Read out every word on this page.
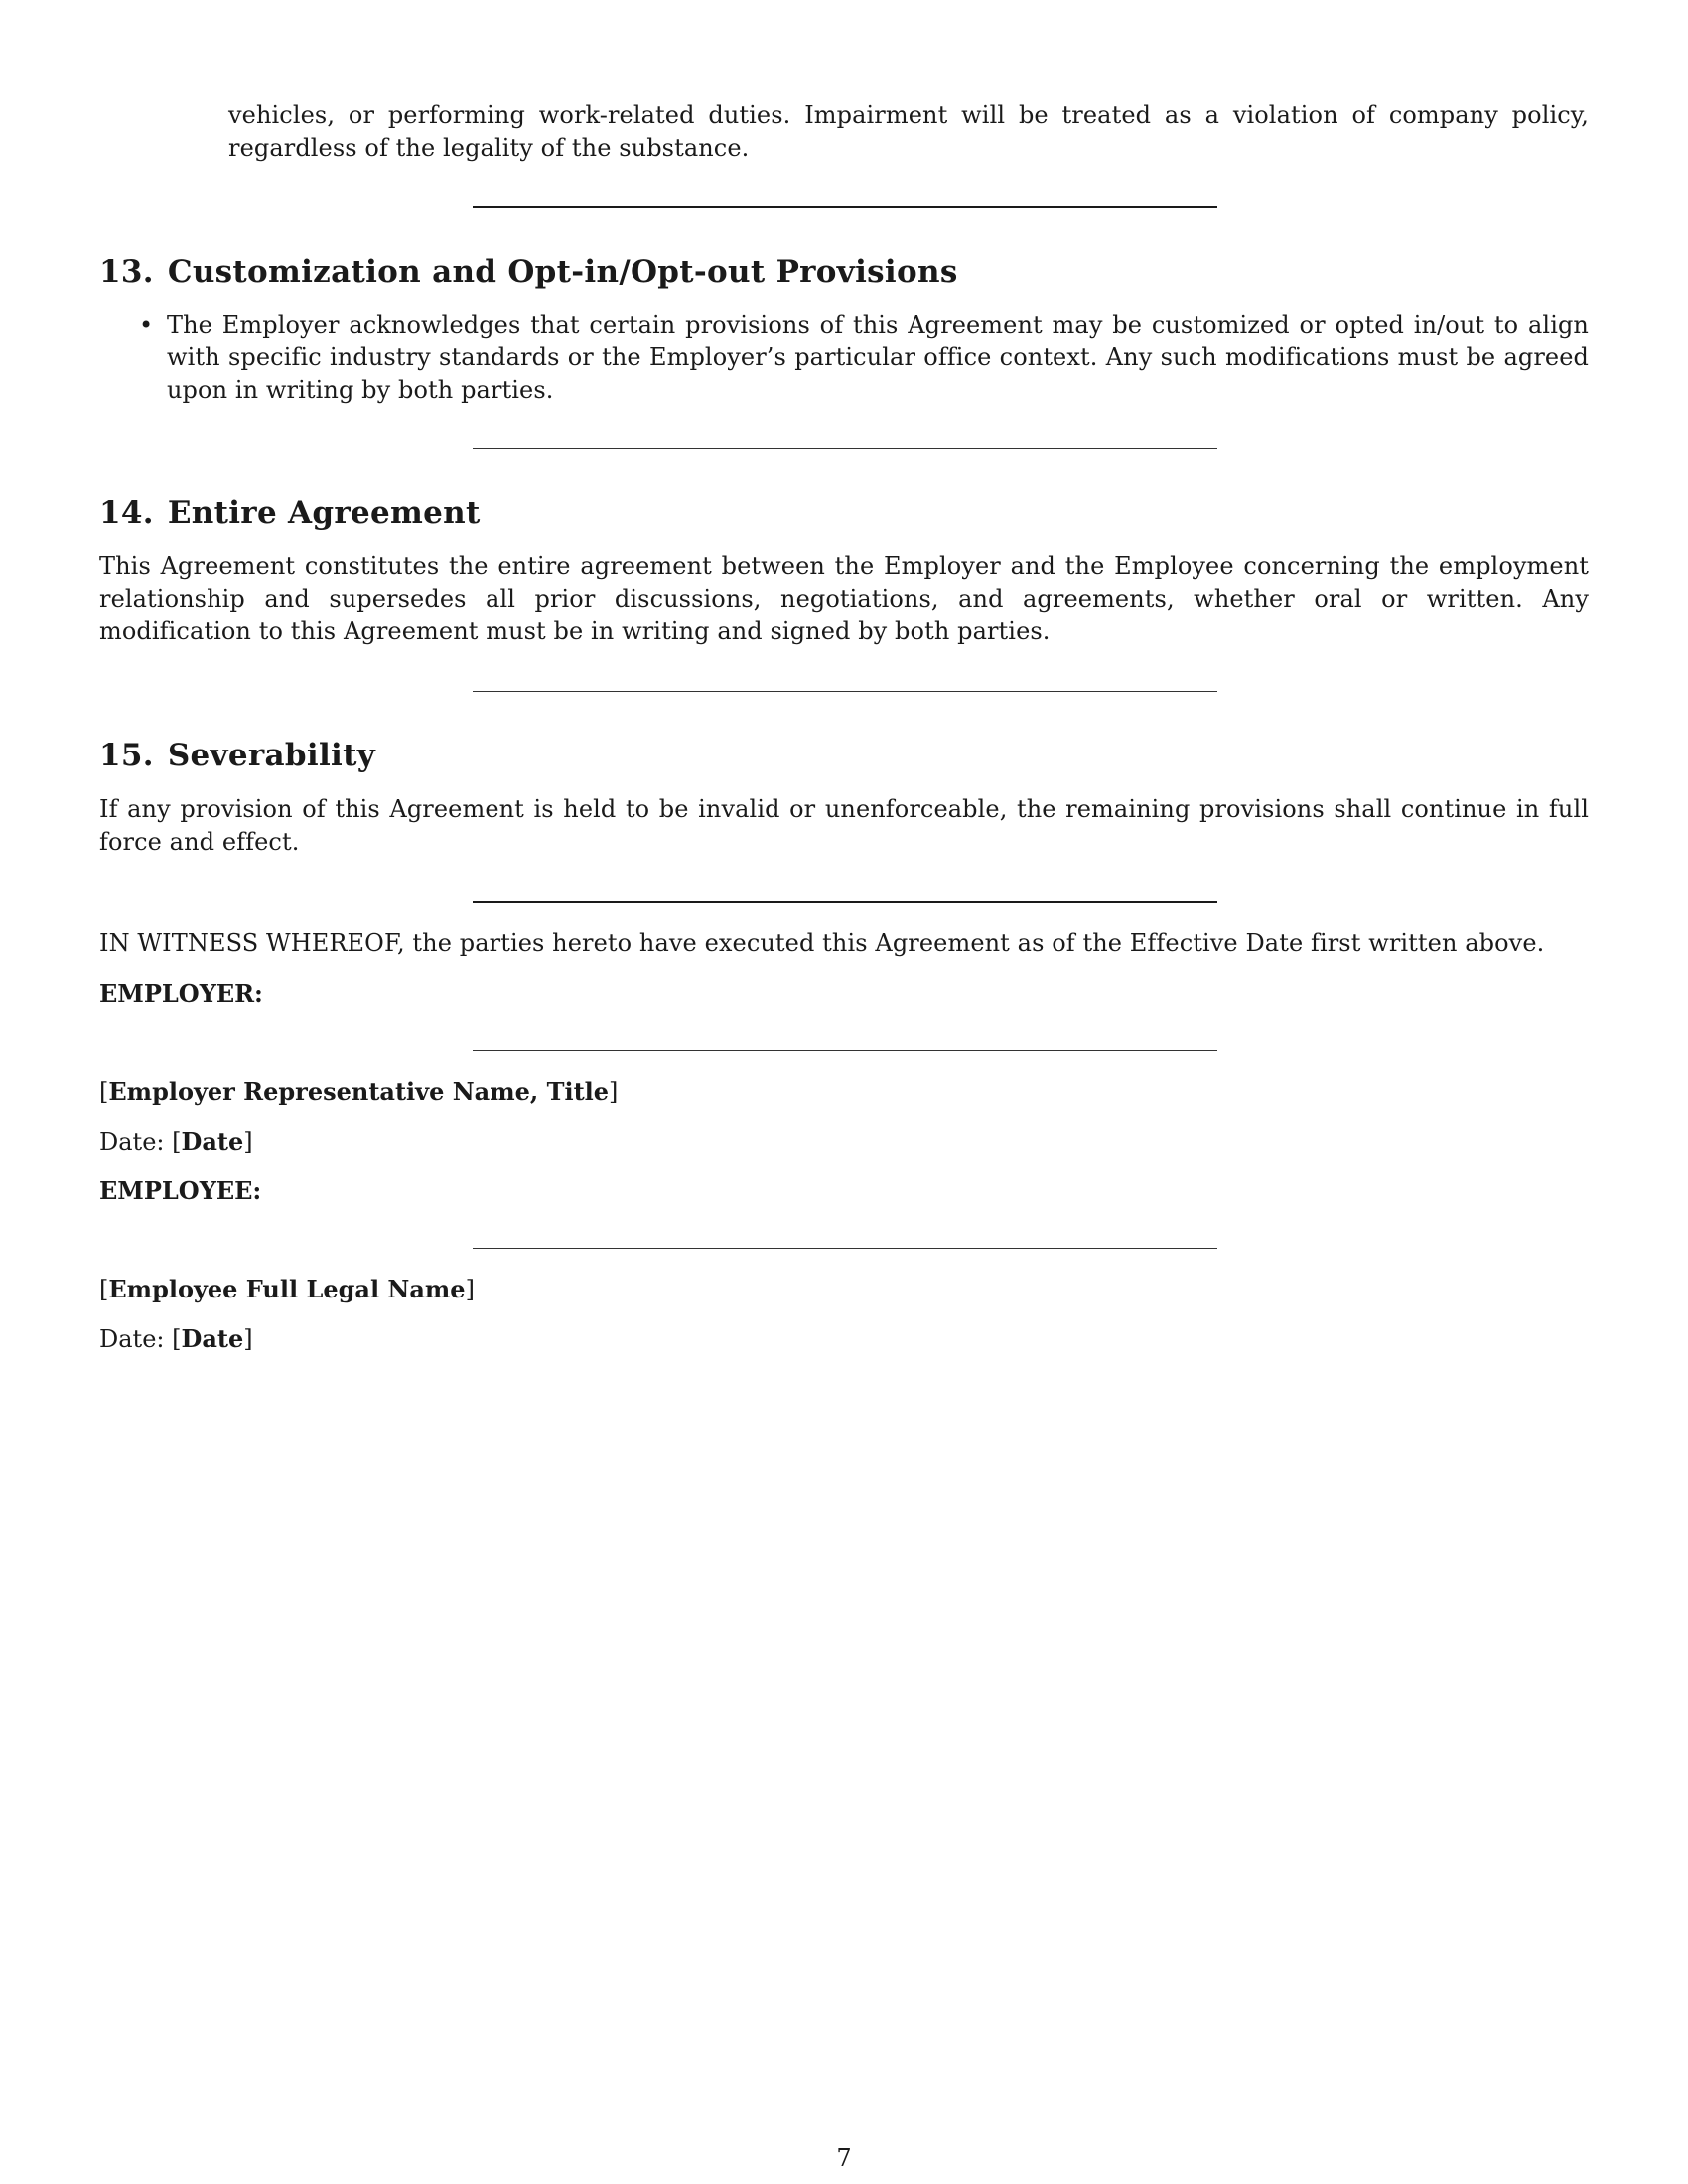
vehicles, or performing work-related duties. Impairment will be treated as a violation of company policy, regardless of the legality of the substance.

13. Customization and Opt-in/Opt-out Provisions
• The Employer acknowledges that certain provisions of this Agreement may be customized or opted in/out to align with specific industry standards or the Employer’s particular office context. Any such modifications must be agreed upon in writing by both parties.

14. Entire Agreement

This Agreement constitutes the entire agreement between the Employer and the Employee concerning the employment relationship and supersedes all prior discussions, negotiations, and agreements, whether oral or written. Any modification to this Agreement must be in writing and signed by both parties.

15. Severability

If any provision of this Agreement is held to be invalid or unenforceable, the remaining provisions shall continue in full force and effect.

IN WITNESS WHEREOF, the parties hereto have executed this Agreement as of the Effective Date first written above.

EMPLOYER:
[Employer Representative Name, Title]
Date: [Date]
EMPLOYEE:
[Employee Full Legal Name]
Date: [Date]
7
